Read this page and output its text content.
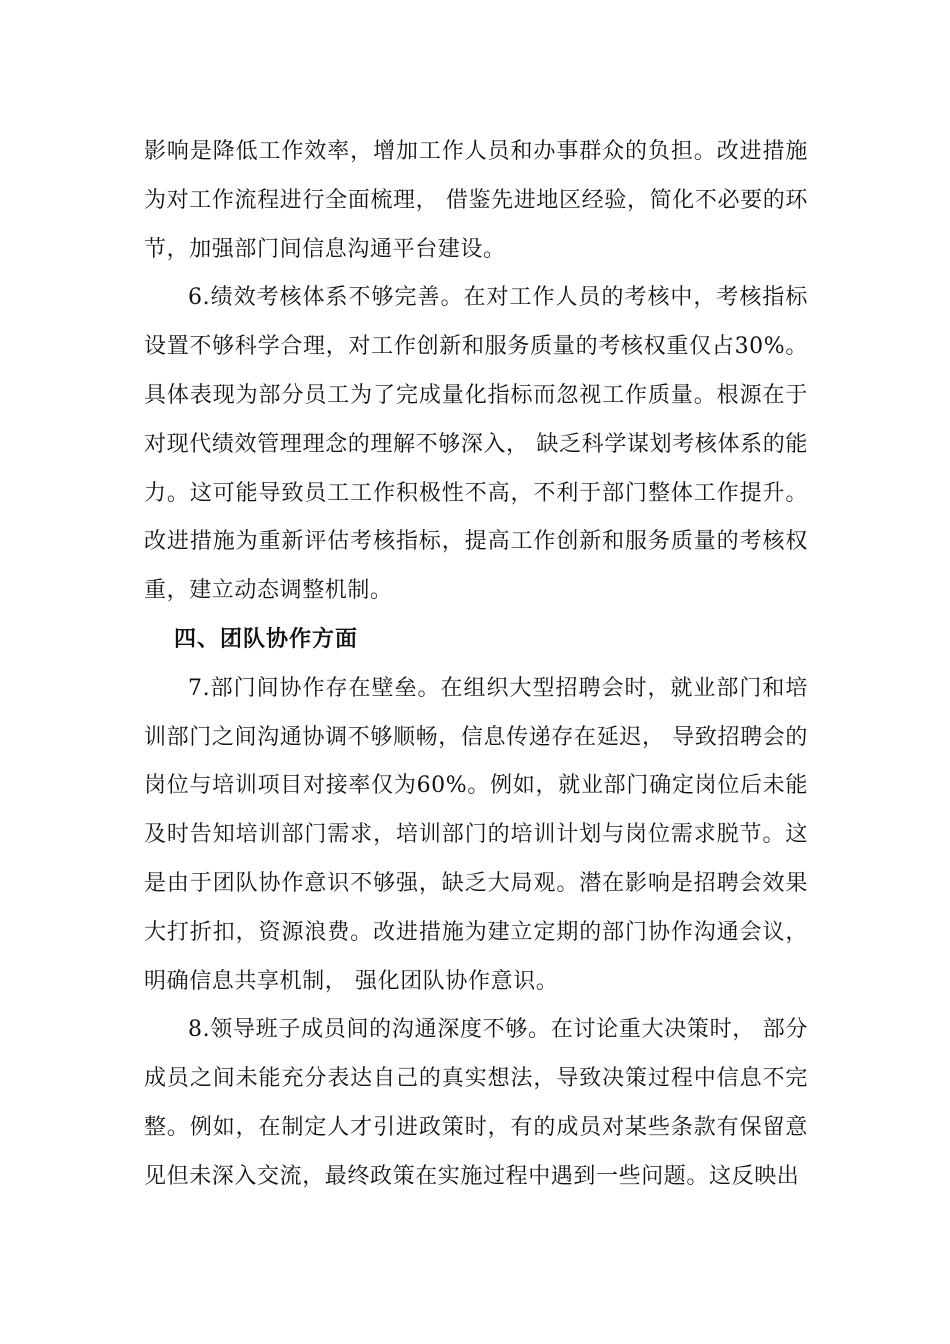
影响是降低工作效率，增加工作人员和办事群众的负担。改进措施为对工作流程进行全面梳理， 借鉴先进地区经验，简化不必要的环节，加强部门间信息沟通平台建设。

6.绩效考核体系不够完善。在对工作人员的考核中，考核指标设置不够科学合理，对工作创新和服务质量的考核权重仅占30%。具体表现为部分员工为了完成量化指标而忽视工作质量。根源在于对现代绩效管理理念的理解不够深入， 缺乏科学谋划考核体系的能力。这可能导致员工工作积极性不高，不利于部门整体工作提升。改进措施为重新评估考核指标，提高工作创新和服务质量的考核权重，建立动态调整机制。

四、团队协作方面

7.部门间协作存在壁垒。在组织大型招聘会时，就业部门和培训部门之间沟通协调不够顺畅，信息传递存在延迟， 导致招聘会的岗位与培训项目对接率仅为60%。例如，就业部门确定岗位后未能及时告知培训部门需求，培训部门的培训计划与岗位需求脱节。这是由于团队协作意识不够强，缺乏大局观。潜在影响是招聘会效果大打折扣，资源浪费。改进措施为建立定期的部门协作沟通会议，明确信息共享机制， 强化团队协作意识。

8.领导班子成员间的沟通深度不够。在讨论重大决策时， 部分成员之间未能充分表达自己的真实想法，导致决策过程中信息不完整。例如，在制定人才引进政策时，有的成员对某些条款有保留意见但未深入交流，最终政策在实施过程中遇到一些问题。这反映出
